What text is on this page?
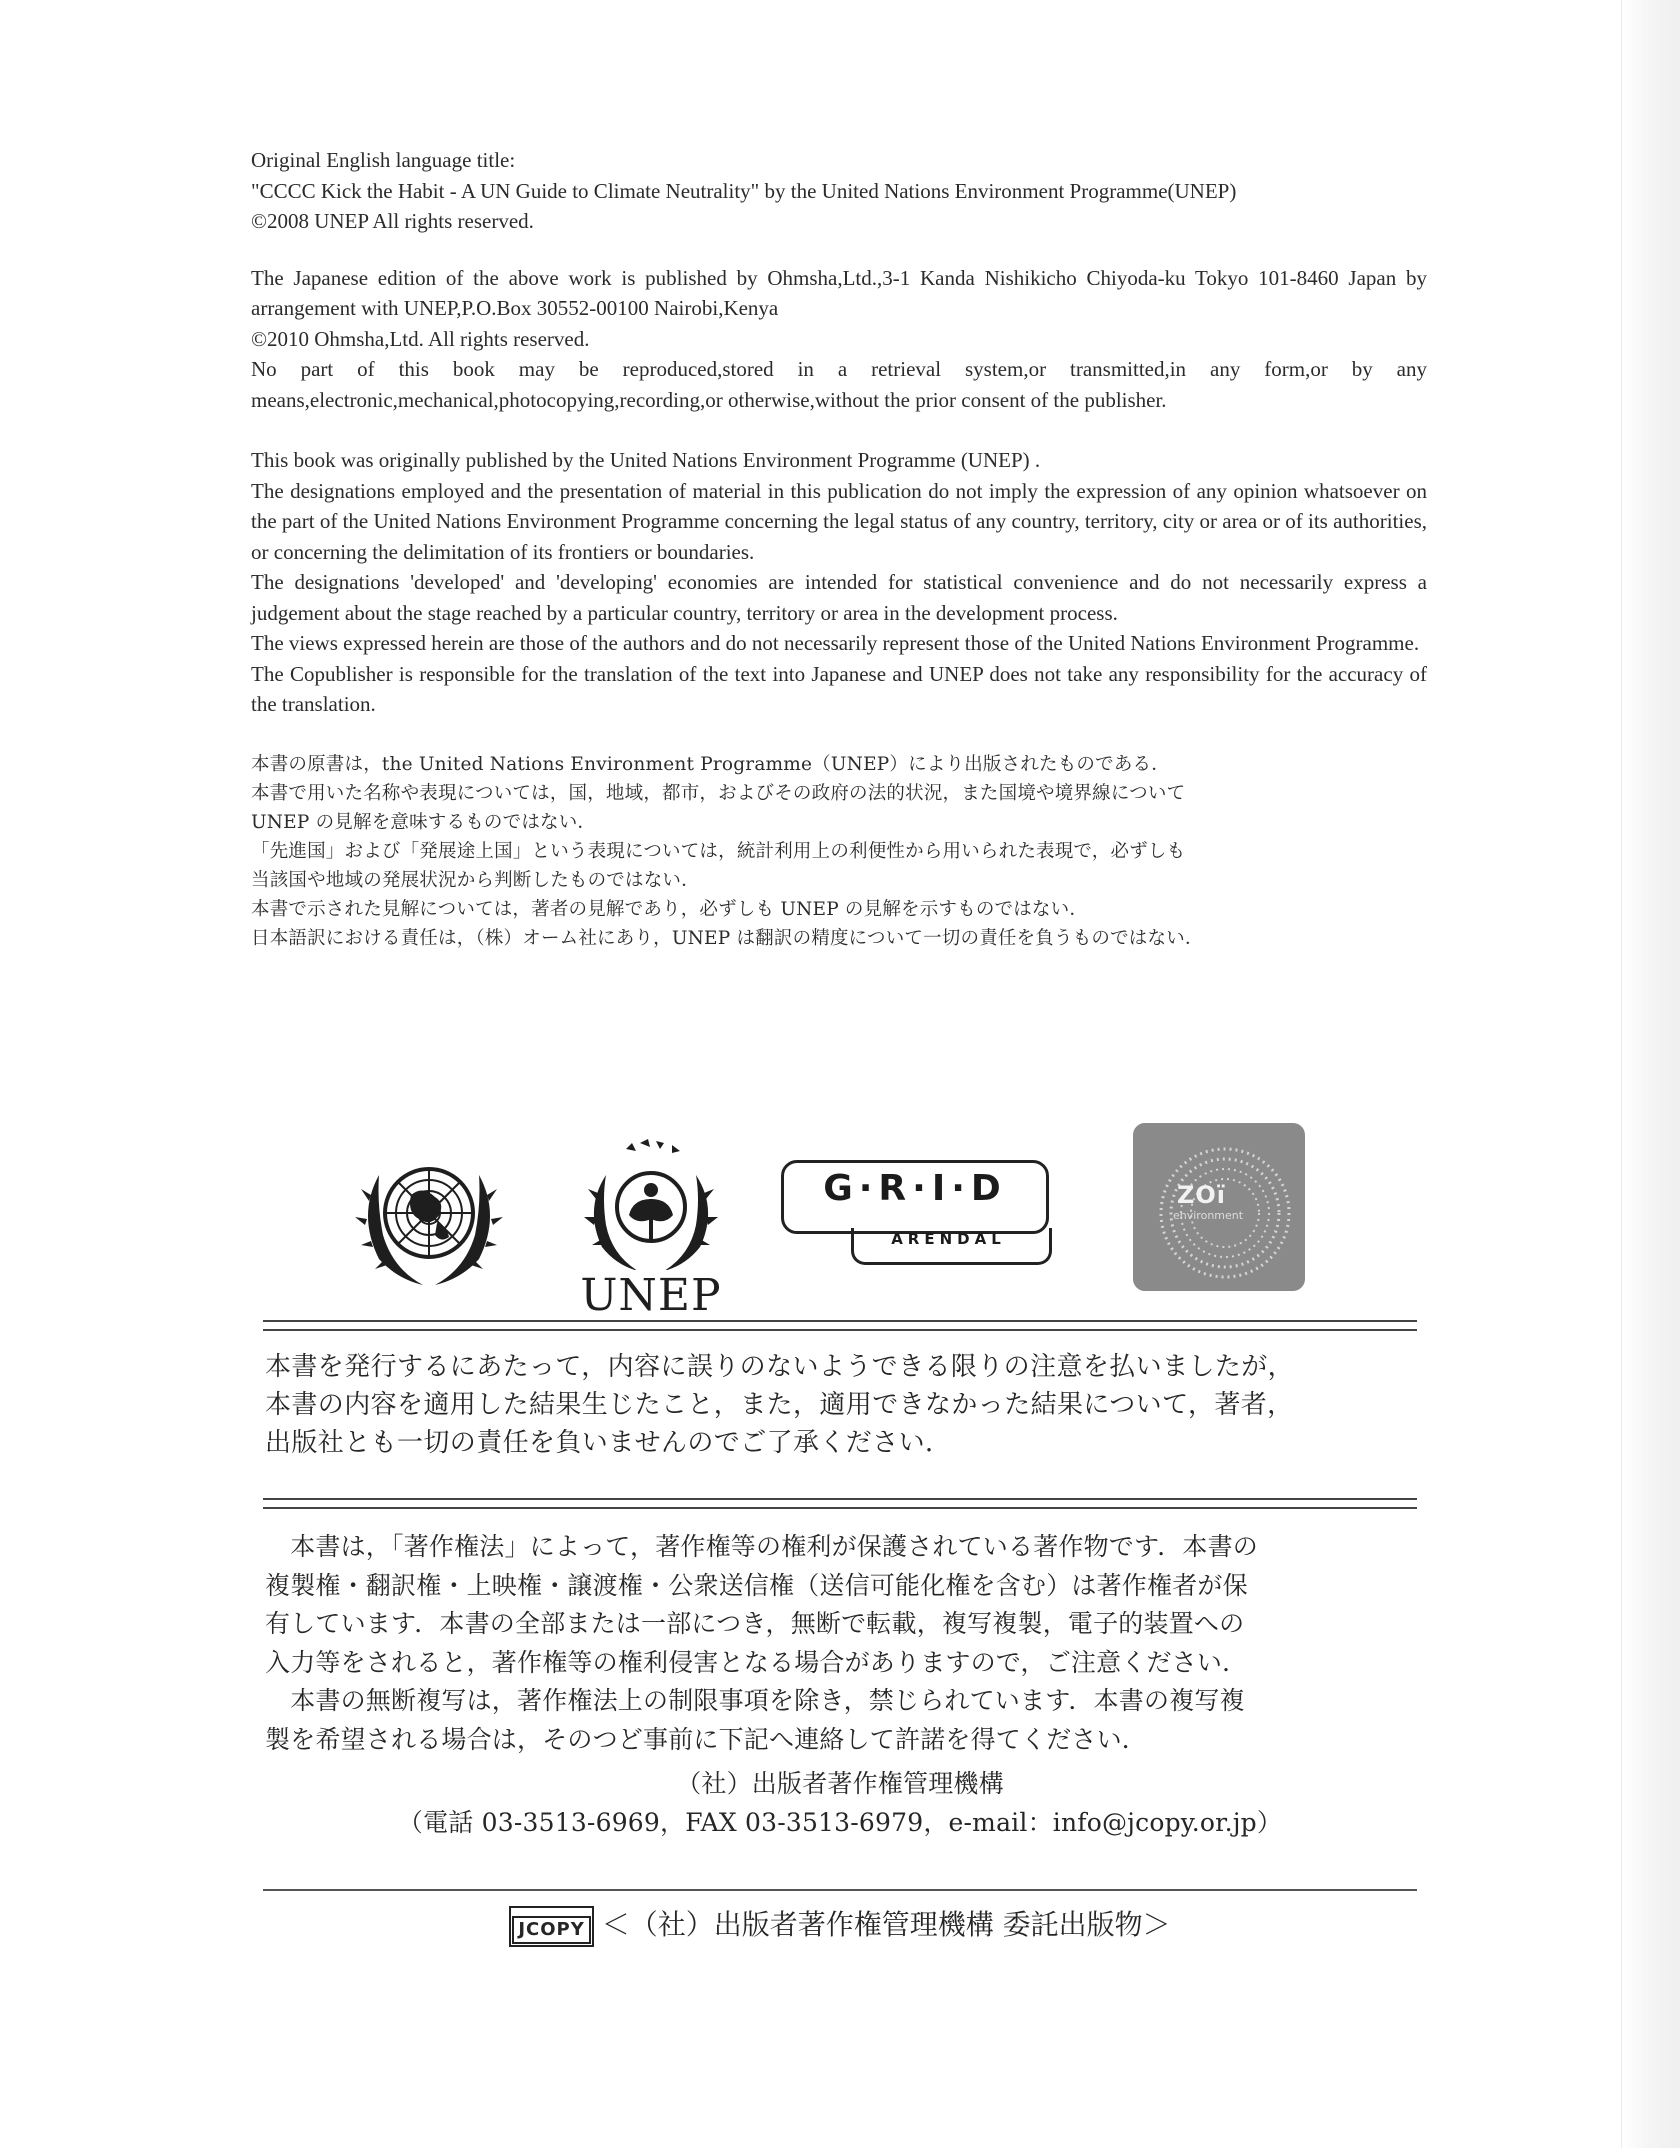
Original English language title:

"CCCC Kick the Habit - A UN Guide to Climate Neutrality" by the United Nations Environment Programme(UNEP)

©2008 UNEP All rights reserved.

The Japanese edition of the above work is published by Ohmsha,Ltd.,3-1 Kanda Nishikicho Chiyoda-ku Tokyo 101-8460 Japan by arrangement with UNEP,P.O.Box 30552-00100 Nairobi,Kenya

©2010 Ohmsha,Ltd. All rights reserved.

No part of this book may be reproduced,stored in a retrieval system,or transmitted,in any form,or by any means,electronic,mechanical,photocopying,recording,or otherwise,without the prior consent of the publisher.

This book was originally published by the United Nations Environment Programme (UNEP) .

The designations employed and the presentation of material in this publication do not imply the expression of any opinion whatsoever on the part of the United Nations Environment Programme concerning the legal status of any country, territory, city or area or of its authorities, or concerning the delimitation of its frontiers or boundaries.

The designations 'developed' and 'developing' economies are intended for statistical convenience and do not necessarily express a judgement about the stage reached by a particular country, territory or area in the development process.

The views expressed herein are those of the authors and do not necessarily represent those of the United Nations Environment Programme.

The Copublisher is responsible for the translation of the text into Japanese and UNEP does not take any responsibility for the accuracy of the translation.

本書の原書は，the United Nations Environment Programme（UNEP）により出版されたものである．

本書で用いた名称や表現については，国，地域，都市，およびその政府の法的状況，また国境や境界線について

UNEP の見解を意味するものではない．

「先進国」および「発展途上国」という表現については，統計利用上の利便性から用いられた表現で，必ずしも

当該国や地域の発展状況から判断したものではない．

本書で示された見解については，著者の見解であり，必ずしも UNEP の見解を示すものではない．

日本語訳における責任は，（株）オーム社にあり，UNEP は翻訳の精度について一切の責任を負うものではない．

UNEP
G·R·I·D
ARENDAL
ZOï
environment

本書を発行するにあたって，内容に誤りのないようできる限りの注意を払いましたが，

本書の内容を適用した結果生じたこと，また，適用できなかった結果について，著者，

出版社とも一切の責任を負いませんのでご了承ください．

　本書は，「著作権法」によって，著作権等の権利が保護されている著作物です．本書の

複製権・翻訳権・上映権・譲渡権・公衆送信権（送信可能化権を含む）は著作権者が保

有しています．本書の全部または一部につき，無断で転載，複写複製，電子的装置への

入力等をされると，著作権等の権利侵害となる場合がありますので，ご注意ください．

　本書の無断複写は，著作権法上の制限事項を除き，禁じられています．本書の複写複

製を希望される場合は，そのつど事前に下記へ連絡して許諾を得てください．

（社）出版者著作権管理機構

（電話 03-3513-6969，FAX 03-3513-6979，e-mail：info@jcopy.or.jp）

JCOPY ＜（社）出版者著作権管理機構 委託出版物＞
